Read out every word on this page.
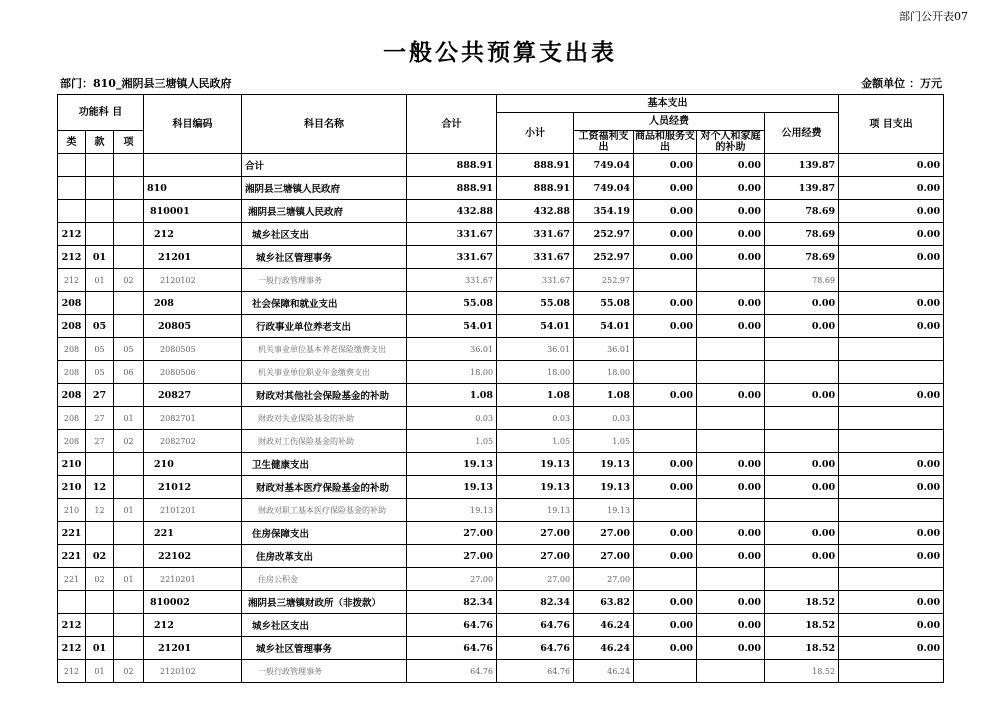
部门公开表07
一般公共预算支出表
部门：810_湘阴县三塘镇人民政府	金额单位 ：万元
功能科 目			科目编码	科目名称	合计	基本支出					项 目支出
						小计	人员经费			公用经费	
类	款	项					工资福利支出	商品和服务支出	对个人和家庭的补助		

				合计	888.91	888.91	749.04	0.00	0.00	139.87	0.00
			810	湘阴县三塘镇人民政府	888.91	888.91	749.04	0.00	0.00	139.87	0.00
			810001	湘阴县三塘镇人民政府	432.88	432.88	354.19	0.00	0.00	78.69	0.00
212			212	城乡社区支出	331.67	331.67	252.97	0.00	0.00	78.69	0.00
212	01		21201	城乡社区管理事务	331.67	331.67	252.97	0.00	0.00	78.69	0.00
212	01	02	2120102	一般行政管理事务	331.67	331.67	252.97			78.69	
208			208	社会保障和就业支出	55.08	55.08	55.08	0.00	0.00	0.00	0.00
208	05		20805	行政事业单位养老支出	54.01	54.01	54.01	0.00	0.00	0.00	0.00
208	05	05	2080505	机关事业单位基本养老保险缴费支出	36.01	36.01	36.01				
208	05	06	2080506	机关事业单位职业年金缴费支出	18.00	18.00	18.00				
208	27		20827	财政对其他社会保险基金的补助	1.08	1.08	1.08	0.00	0.00	0.00	0.00
208	27	01	2082701	财政对失业保险基金的补助	0.03	0.03	0.03				
208	27	02	2082702	财政对工伤保险基金的补助	1.05	1.05	1.05				
210			210	卫生健康支出	19.13	19.13	19.13	0.00	0.00	0.00	0.00
210	12		21012	财政对基本医疗保险基金的补助	19.13	19.13	19.13	0.00	0.00	0.00	0.00
210	12	01	2101201	财政对职工基本医疗保险基金的补助	19.13	19.13	19.13				
221			221	住房保障支出	27.00	27.00	27.00	0.00	0.00	0.00	0.00
221	02		22102	住房改革支出	27.00	27.00	27.00	0.00	0.00	0.00	0.00
221	02	01	2210201	住房公积金	27.00	27.00	27.00				
			810002	湘阴县三塘镇财政所（非拨款）	82.34	82.34	63.82	0.00	0.00	18.52	0.00
212			212	城乡社区支出	64.76	64.76	46.24	0.00	0.00	18.52	0.00
212	01		21201	城乡社区管理事务	64.76	64.76	46.24	0.00	0.00	18.52	0.00
212	01	02	2120102	一般行政管理事务	64.76	64.76	46.24			18.52	
